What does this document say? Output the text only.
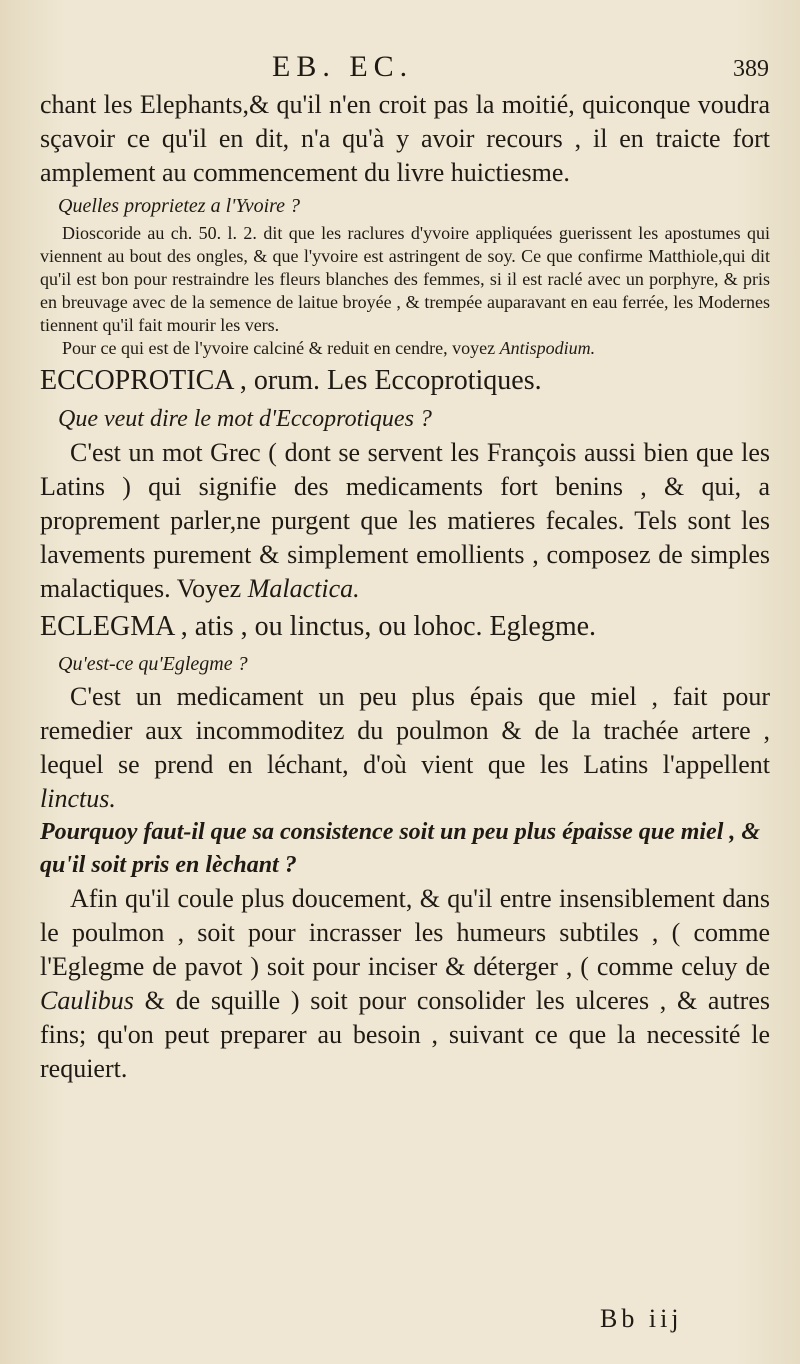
EB. EC.	389

chant les Elephants,& qu'il n'en croit pas la moitié, quiconque voudra sçavoir ce qu'il en dit, n'a qu'à y avoir recours , il en traicte fort amplement au commencement du livre huictiesme.

Quelles proprietez a l'Yvoire ?

Dioscoride au ch. 50. l. 2. dit que les raclures d'yvoire appliquées guerissent les apostumes qui viennent au bout des ongles, & que l'yvoire est astringent de soy. Ce que confirme Matthiole,qui dit qu'il est bon pour restraindre les fleurs blanches des femmes, si il est raclé avec un porphyre, & pris en breuvage avec de la semence de laitue broyée , & trempée auparavant en eau ferrée, les Modernes tiennent qu'il fait mourir les vers.

Pour ce qui est de l'yvoire calciné & reduit en cendre, voyez Antispodium.

ECCOPROTICA , orum. Les Eccoprotiques.

Que veut dire le mot d'Eccoprotiques ?

C'est un mot Grec ( dont se servent les François aussi bien que les Latins ) qui signifie des medicaments fort benins , & qui, a proprement parler,ne purgent que les matieres fecales. Tels sont les lavements purement & simplement emollients , composez de simples malactiques. Voyez Malactica.

ECLEGMA , atis , ou linctus, ou lohoc. Eglegme.

Qu'est-ce qu'Eglegme ?

C'est un medicament un peu plus épais que miel , fait pour remedier aux incommoditez du poulmon & de la trachée artere , lequel se prend en léchant, d'où vient que les Latins l'appellent linctus.

Pourquoy faut-il que sa consistence soit un peu plus épaisse que miel , & qu'il soit pris en lèchant ?

Afin qu'il coule plus doucement, & qu'il entre insensiblement dans le poulmon , soit pour incrasser les humeurs subtiles , ( comme l'Eglegme de pavot ) soit pour inciser & déterger , ( comme celuy de Caulibus & de squille ) soit pour consolider les ulceres , & autres fins; qu'on peut preparer au besoin , suivant ce que la necessité le requiert.

Bb iij
